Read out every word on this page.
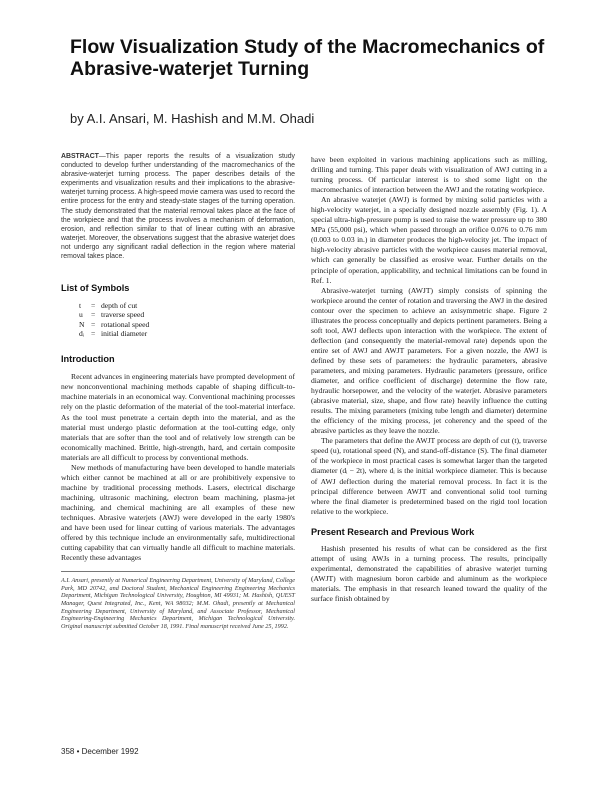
Flow Visualization Study of the Macromechanics of Abrasive-waterjet Turning
by A.I. Ansari, M. Hashish and M.M. Ohadi

ABSTRACT—This paper reports the results of a visualization study conducted to develop further understanding of the macromechanics of the abrasive-waterjet turning process. The paper describes details of the experiments and visualization results and their implications to the abrasive-waterjet turning process. A high-speed movie camera was used to record the entire process for the entry and steady-state stages of the turning operation. The study demonstrated that the material removal takes place at the face of the workpiece and that the process involves a mechanism of deformation, erosion, and reflection similar to that of linear cutting with an abrasive waterjet. Moreover, the observations suggest that the abrasive waterjet does not undergo any significant radial deflection in the region where material removal takes place.

List of Symbols
t	= depth of cut
u	= traverse speed
N = rotational speed
dᵢ = initial diameter
Introduction

Recent advances in engineering materials have prompted development of new nonconventional machining methods capable of shaping difficult-to-machine materials in an economical way. Conventional machining processes rely on the plastic deformation of the material of the tool-material interface. As the tool must penetrate a certain depth into the material, and as the material must undergo plastic deformation at the tool-cutting edge, only materials that are softer than the tool and of relatively low strength can be economically machined. Brittle, high-strength, hard, and certain composite materials are all difficult to process by conventional methods.

New methods of manufacturing have been developed to handle materials which either cannot be machined at all or are prohibitively expensive to machine by traditional processing methods. Lasers, electrical discharge machining, ultrasonic machining, electron beam machining, plasma-jet machining, and chemical machining are all examples of these new techniques. Abrasive waterjets (AWJ) were developed in the early 1980's and have been used for linear cutting of various materials. The advantages offered by this technique include an environmentally safe, multidirectional cutting capability that can virtually handle all difficult to machine materials. Recently these advantages

A.I. Ansari, presently at Numerical Engineering Department, University of Maryland, College Park, MD 20742, and Doctoral Student, Mechanical Engineering Engineering Mechanics Department, Michigan Technological University, Houghton, MI 49931; M. Hashish, QUEST Manager, Quest Integrated, Inc., Kent, WA 98032; M.M. Ohadi, presently at Mechanical Engineering Department, University of Maryland, and Associate Professor, Mechanical Engineering-Engineering Mechanics Department, Michigan Technological University. Original manuscript submitted October 18, 1991. Final manuscript received June 25, 1992.

have been exploited in various machining applications such as milling, drilling and turning. This paper deals with visualization of AWJ cutting in a turning process. Of particular interest is to shed some light on the macromechanics of interaction between the AWJ and the rotating workpiece.

An abrasive waterjet (AWJ) is formed by mixing solid particles with a high-velocity waterjet, in a specially designed nozzle assembly (Fig. 1). A special ultra-high-pressure pump is used to raise the water pressure up to 380 MPa (55,000 psi), which when passed through an orifice 0.076 to 0.76 mm (0.003 to 0.03 in.) in diameter produces the high-velocity jet. The impact of high-velocity abrasive particles with the workpiece causes material removal, which can generally be classified as erosive wear. Further details on the principle of operation, applicability, and technical limitations can be found in Ref. 1.

Abrasive-waterjet turning (AWJT) simply consists of spinning the workpiece around the center of rotation and traversing the AWJ in the desired contour over the specimen to achieve an axisymmetric shape. Figure 2 illustrates the process conceptually and depicts pertinent parameters. Being a soft tool, AWJ deflects upon interaction with the workpiece. The extent of deflection (and consequently the material-removal rate) depends upon the entire set of AWJ and AWJT parameters. For a given nozzle, the AWJ is defined by these sets of parameters: the hydraulic parameters, abrasive parameters, and mixing parameters. Hydraulic parameters (pressure, orifice diameter, and orifice coefficient of discharge) determine the flow rate, hydraulic horsepower, and the velocity of the waterjet. Abrasive parameters (abrasive material, size, shape, and flow rate) heavily influence the cutting results. The mixing parameters (mixing tube length and diameter) determine the efficiency of the mixing process, jet coherency and the speed of the abrasive particles as they leave the nozzle.

The parameters that define the AWJT process are depth of cut (t), traverse speed (u), rotational speed (N), and stand-off-distance (S). The final diameter of the workpiece in most practical cases is somewhat larger than the targeted diameter (dᵢ − 2t), where dᵢ is the initial workpiece diameter. This is because of AWJ deflection during the material removal process. In fact it is the principal difference between AWJT and conventional solid tool turning where the final diameter is predetermined based on the rigid tool location relative to the workpiece.

Present Research and Previous Work

Hashish presented his results of what can be considered as the first attempt of using AWJs in a turning process. The results, principally experimental, demonstrated the capabilities of abrasive waterjet turning (AWJT) with magnesium boron carbide and aluminum as the workpiece materials. The emphasis in that research leaned toward the quality of the surface finish obtained by

358 • December 1992
